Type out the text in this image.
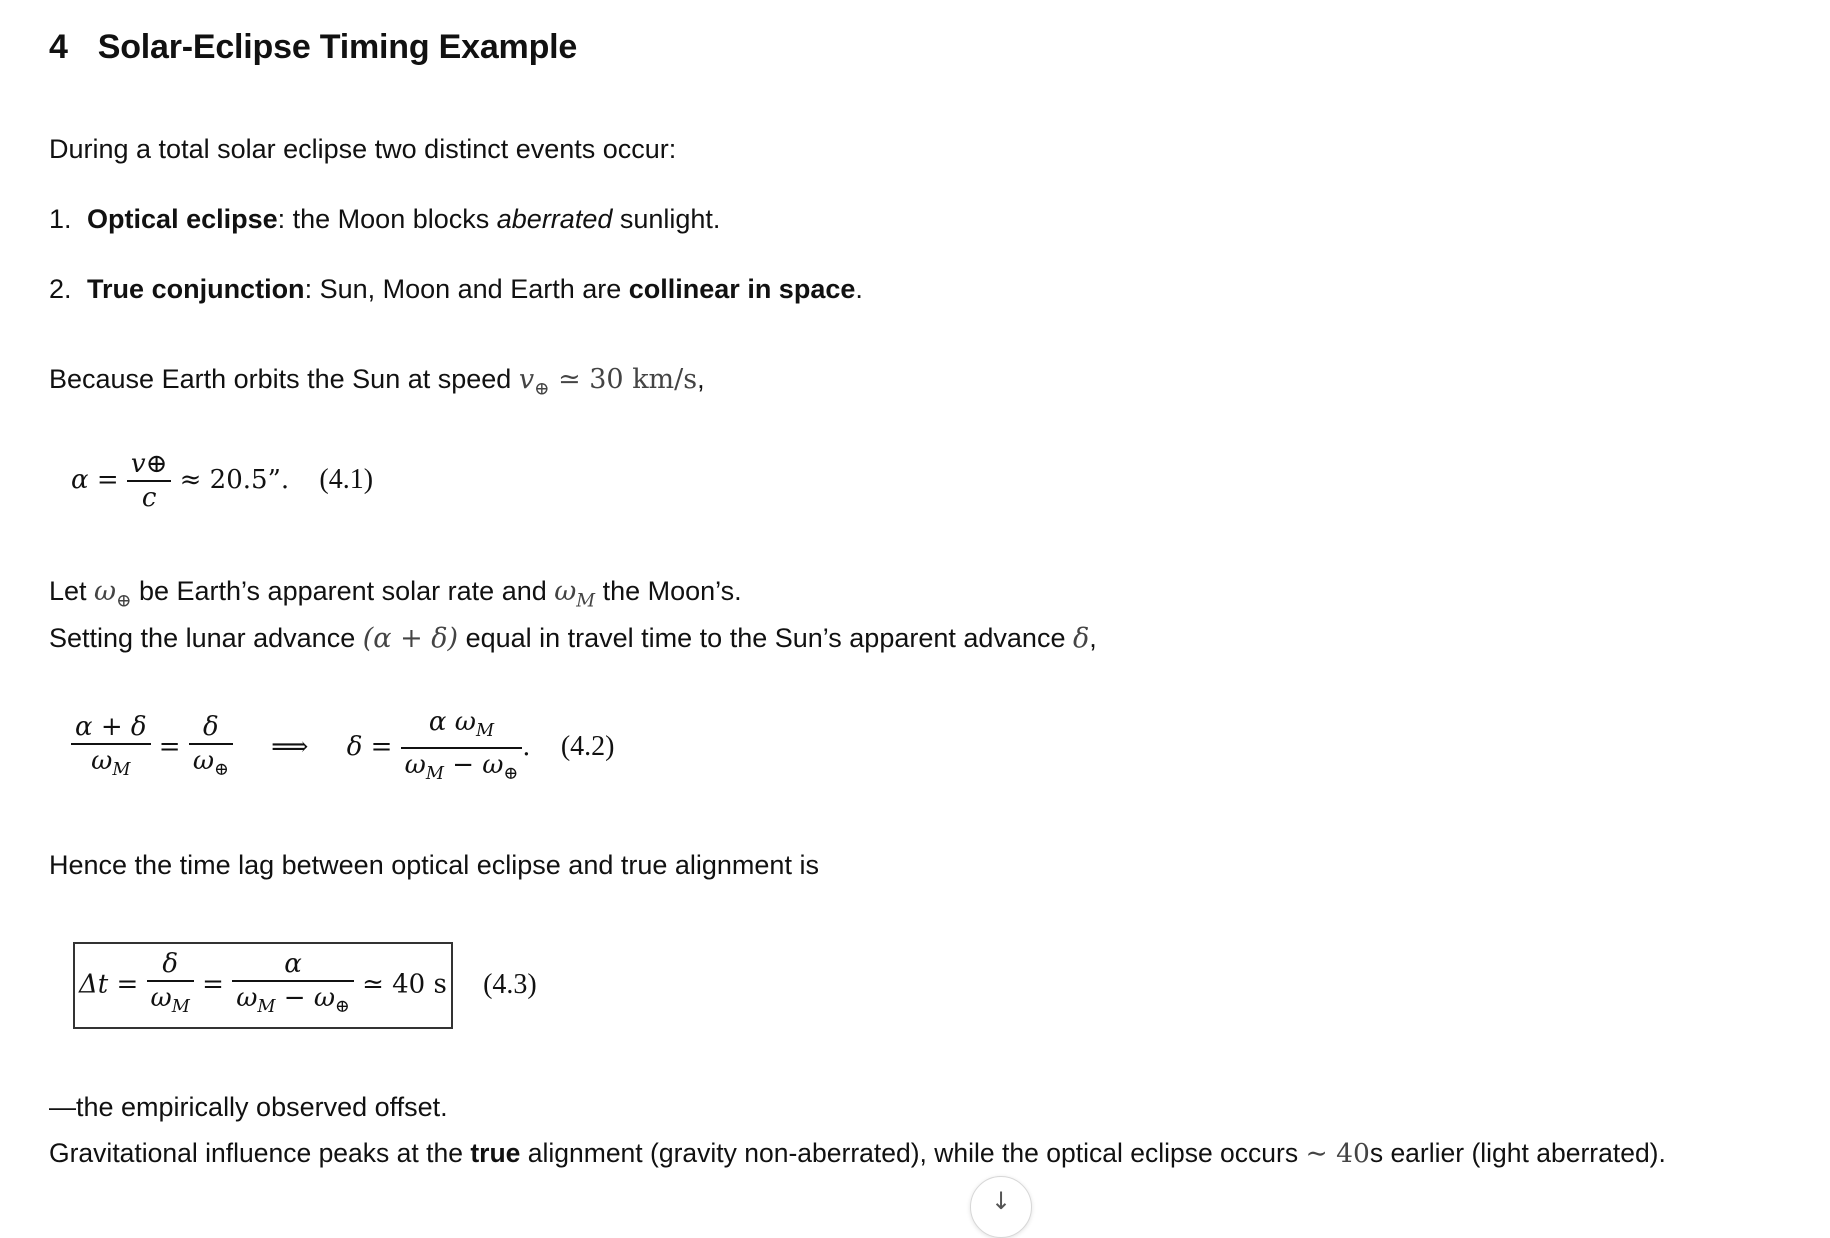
4 Solar-Eclipse Timing Example
During a total solar eclipse two distinct events occur:
1. Optical eclipse: the Moon blocks aberrated sunlight.
2. True conjunction: Sun, Moon and Earth are collinear in space.
Because Earth orbits the Sun at speed $v_\oplus$ ≃ 30 km/s,
$\alpha = \frac{v\oplus}{c} \approx 20.5$”. (4.1)
Let $\omega_\oplus$ be Earth’s apparent solar rate and $\omega_M$ the Moon’s.
Setting the lunar advance (α + δ) equal in travel time to the Sun’s apparent advance δ,
$\frac{\alpha + \delta}{\omega_M} = \frac{\delta}{\omega_\oplus}$ ⟹ $\delta = \frac{\alpha \omega_M}{\omega_M - \omega_\oplus}$ . (4.2)
Hence the time lag between optical eclipse and true alignment is
$\Delta t = \frac{\delta}{\omega_M} = \frac{\alpha}{\omega_M - \omega_\oplus}$ ≃ 40 s (4.3)
—the empirically observed offset.
Gravitational influence peaks at the true alignment (gravity non-aberrated), while the optical eclipse occurs ∼ 40s earlier (light aberrated).
↓
